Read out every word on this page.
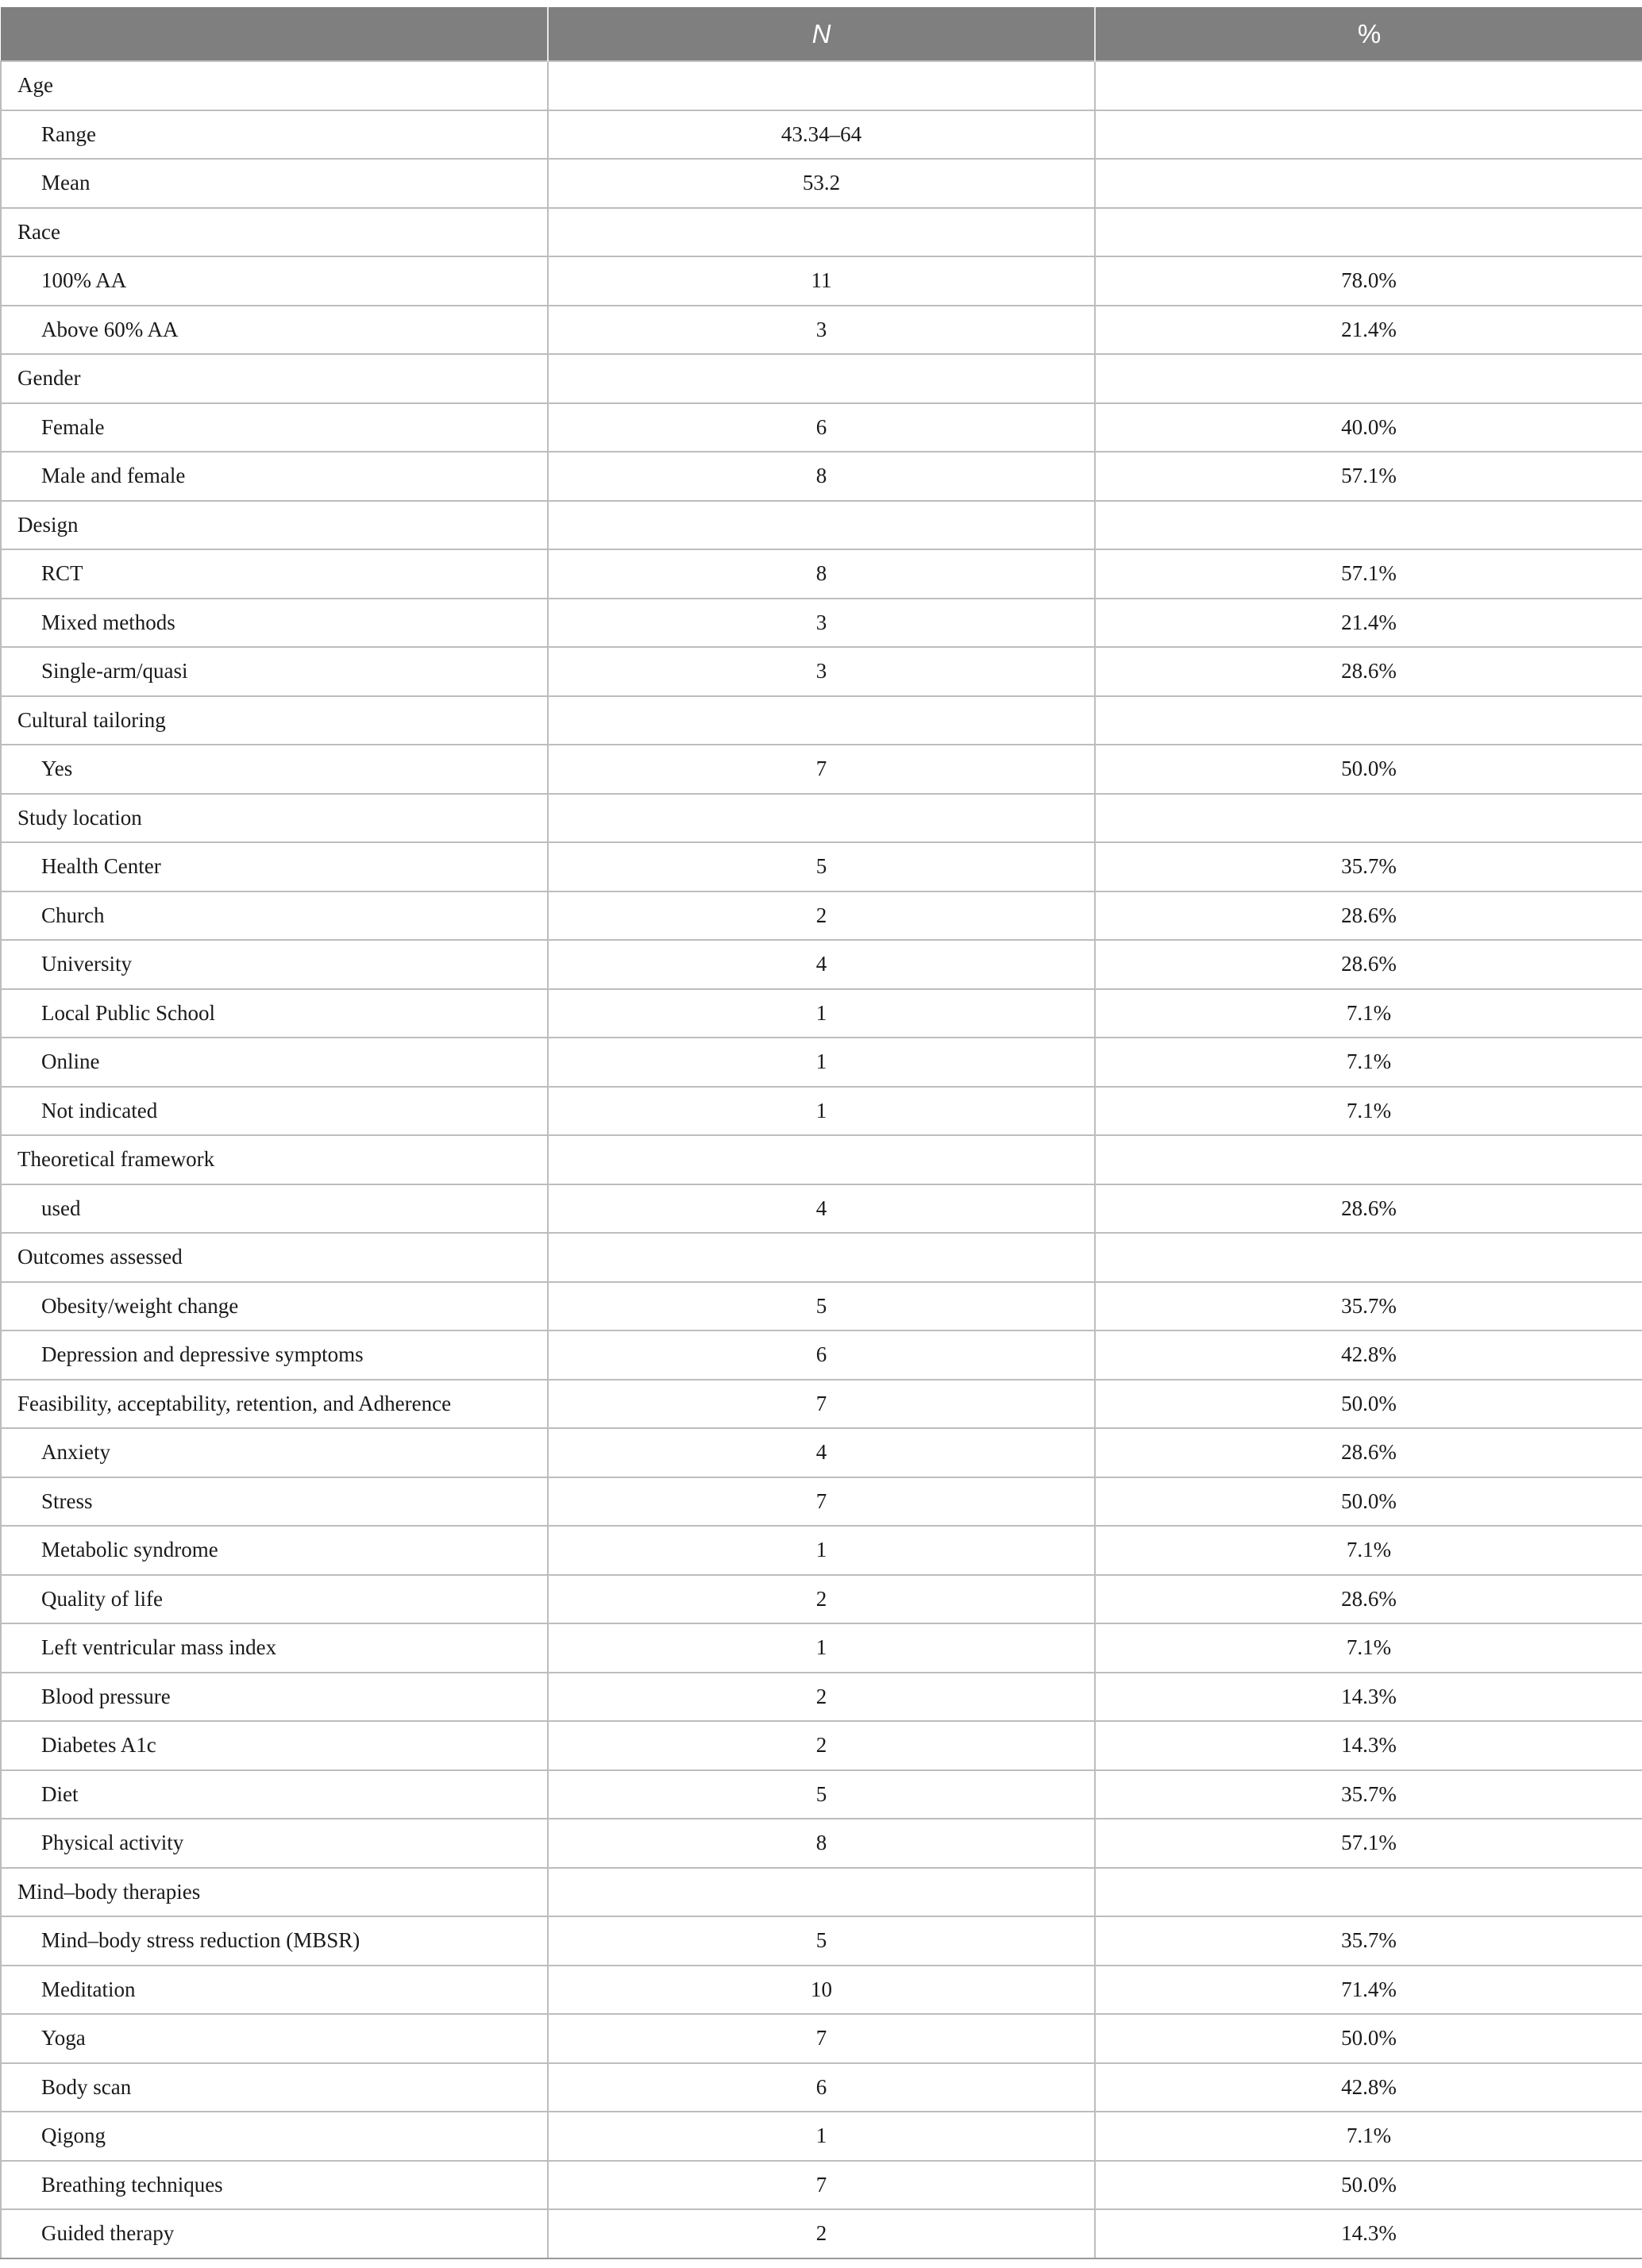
	N	%
Age		
Range	43.34–64	
Mean	53.2	
Race		
100% AA	11	78.0%
Above 60% AA	3	21.4%
Gender		
Female	6	40.0%
Male and female	8	57.1%
Design		
RCT	8	57.1%
Mixed methods	3	21.4%
Single-arm/quasi	3	28.6%
Cultural tailoring		
Yes	7	50.0%
Study location		
Health Center	5	35.7%
Church	2	28.6%
University	4	28.6%
Local Public School	1	7.1%
Online	1	7.1%
Not indicated	1	7.1%
Theoretical framework		
used	4	28.6%
Outcomes assessed		
Obesity/weight change	5	35.7%
Depression and depressive symptoms	6	42.8%
Feasibility, acceptability, retention, and Adherence	7	50.0%
Anxiety	4	28.6%
Stress	7	50.0%
Metabolic syndrome	1	7.1%
Quality of life	2	28.6%
Left ventricular mass index	1	7.1%
Blood pressure	2	14.3%
Diabetes A1c	2	14.3%
Diet	5	35.7%
Physical activity	8	57.1%
Mind–body therapies		
Mind–body stress reduction (MBSR)	5	35.7%
Meditation	10	71.4%
Yoga	7	50.0%
Body scan	6	42.8%
Qigong	1	7.1%
Breathing techniques	7	50.0%
Guided therapy	2	14.3%
